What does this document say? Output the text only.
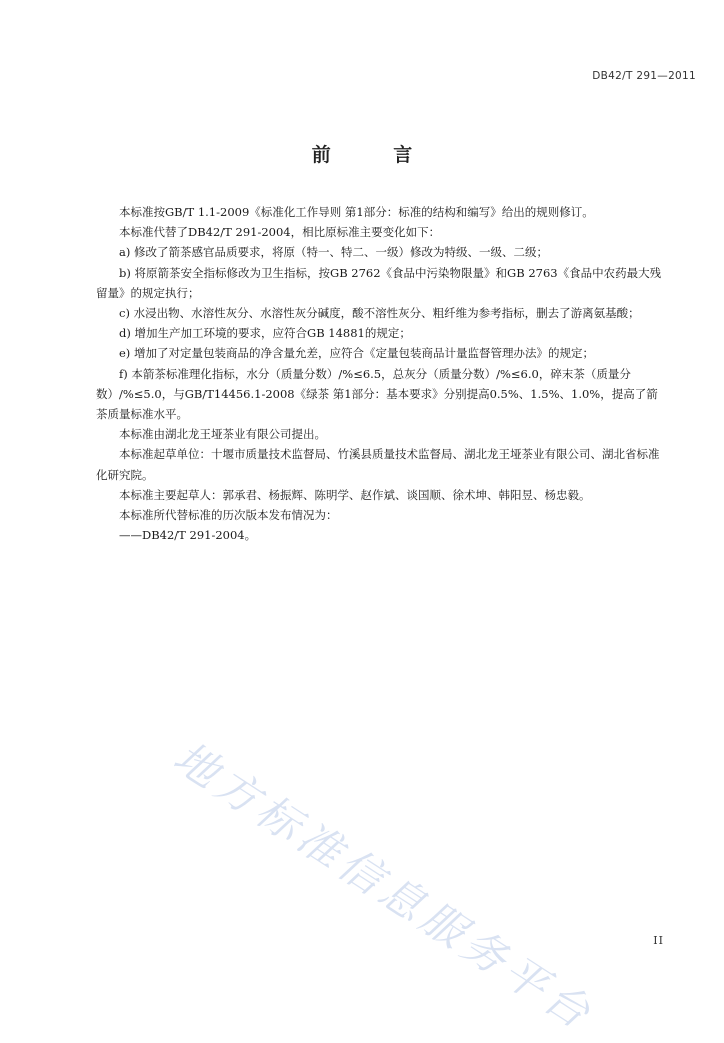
DB42/T 291—2011
前 言

本标准按GB/T 1.1-2009《标准化工作导则 第1部分：标准的结构和编写》给出的规则修订。

本标准代替了DB42/T 291-2004，相比原标准主要变化如下：

a) 修改了箭茶感官品质要求，将原（特一、特二、一级）修改为特级、一级、二级；

b) 将原箭茶安全指标修改为卫生指标，按GB 2762《食品中污染物限量》和GB 2763《食品中农药最大残留量》的规定执行；

c) 水浸出物、水溶性灰分、水溶性灰分碱度，酸不溶性灰分、粗纤维为参考指标，删去了游离氨基酸；

d) 增加生产加工环境的要求，应符合GB 14881的规定；

e) 增加了对定量包装商品的净含量允差，应符合《定量包装商品计量监督管理办法》的规定；

f) 本箭茶标准理化指标，水分（质量分数）/%≤6.5，总灰分（质量分数）/%≤6.0，碎末茶（质量分数）/%≤5.0，与GB/T14456.1-2008《绿茶 第1部分：基本要求》分别提高0.5%、1.5%、1.0%，提高了箭茶质量标准水平。

本标准由湖北龙王垭茶业有限公司提出。

本标准起草单位：十堰市质量技术监督局、竹溪县质量技术监督局、湖北龙王垭茶业有限公司、湖北省标准化研究院。

本标准主要起草人：郭承君、杨振辉、陈明学、赵作斌、谈国顺、徐术坤、韩阳昱、杨忠毅。

本标准所代替标准的历次版本发布情况为：

——DB42/T 291-2004。

地方标准信息服务平台	II
